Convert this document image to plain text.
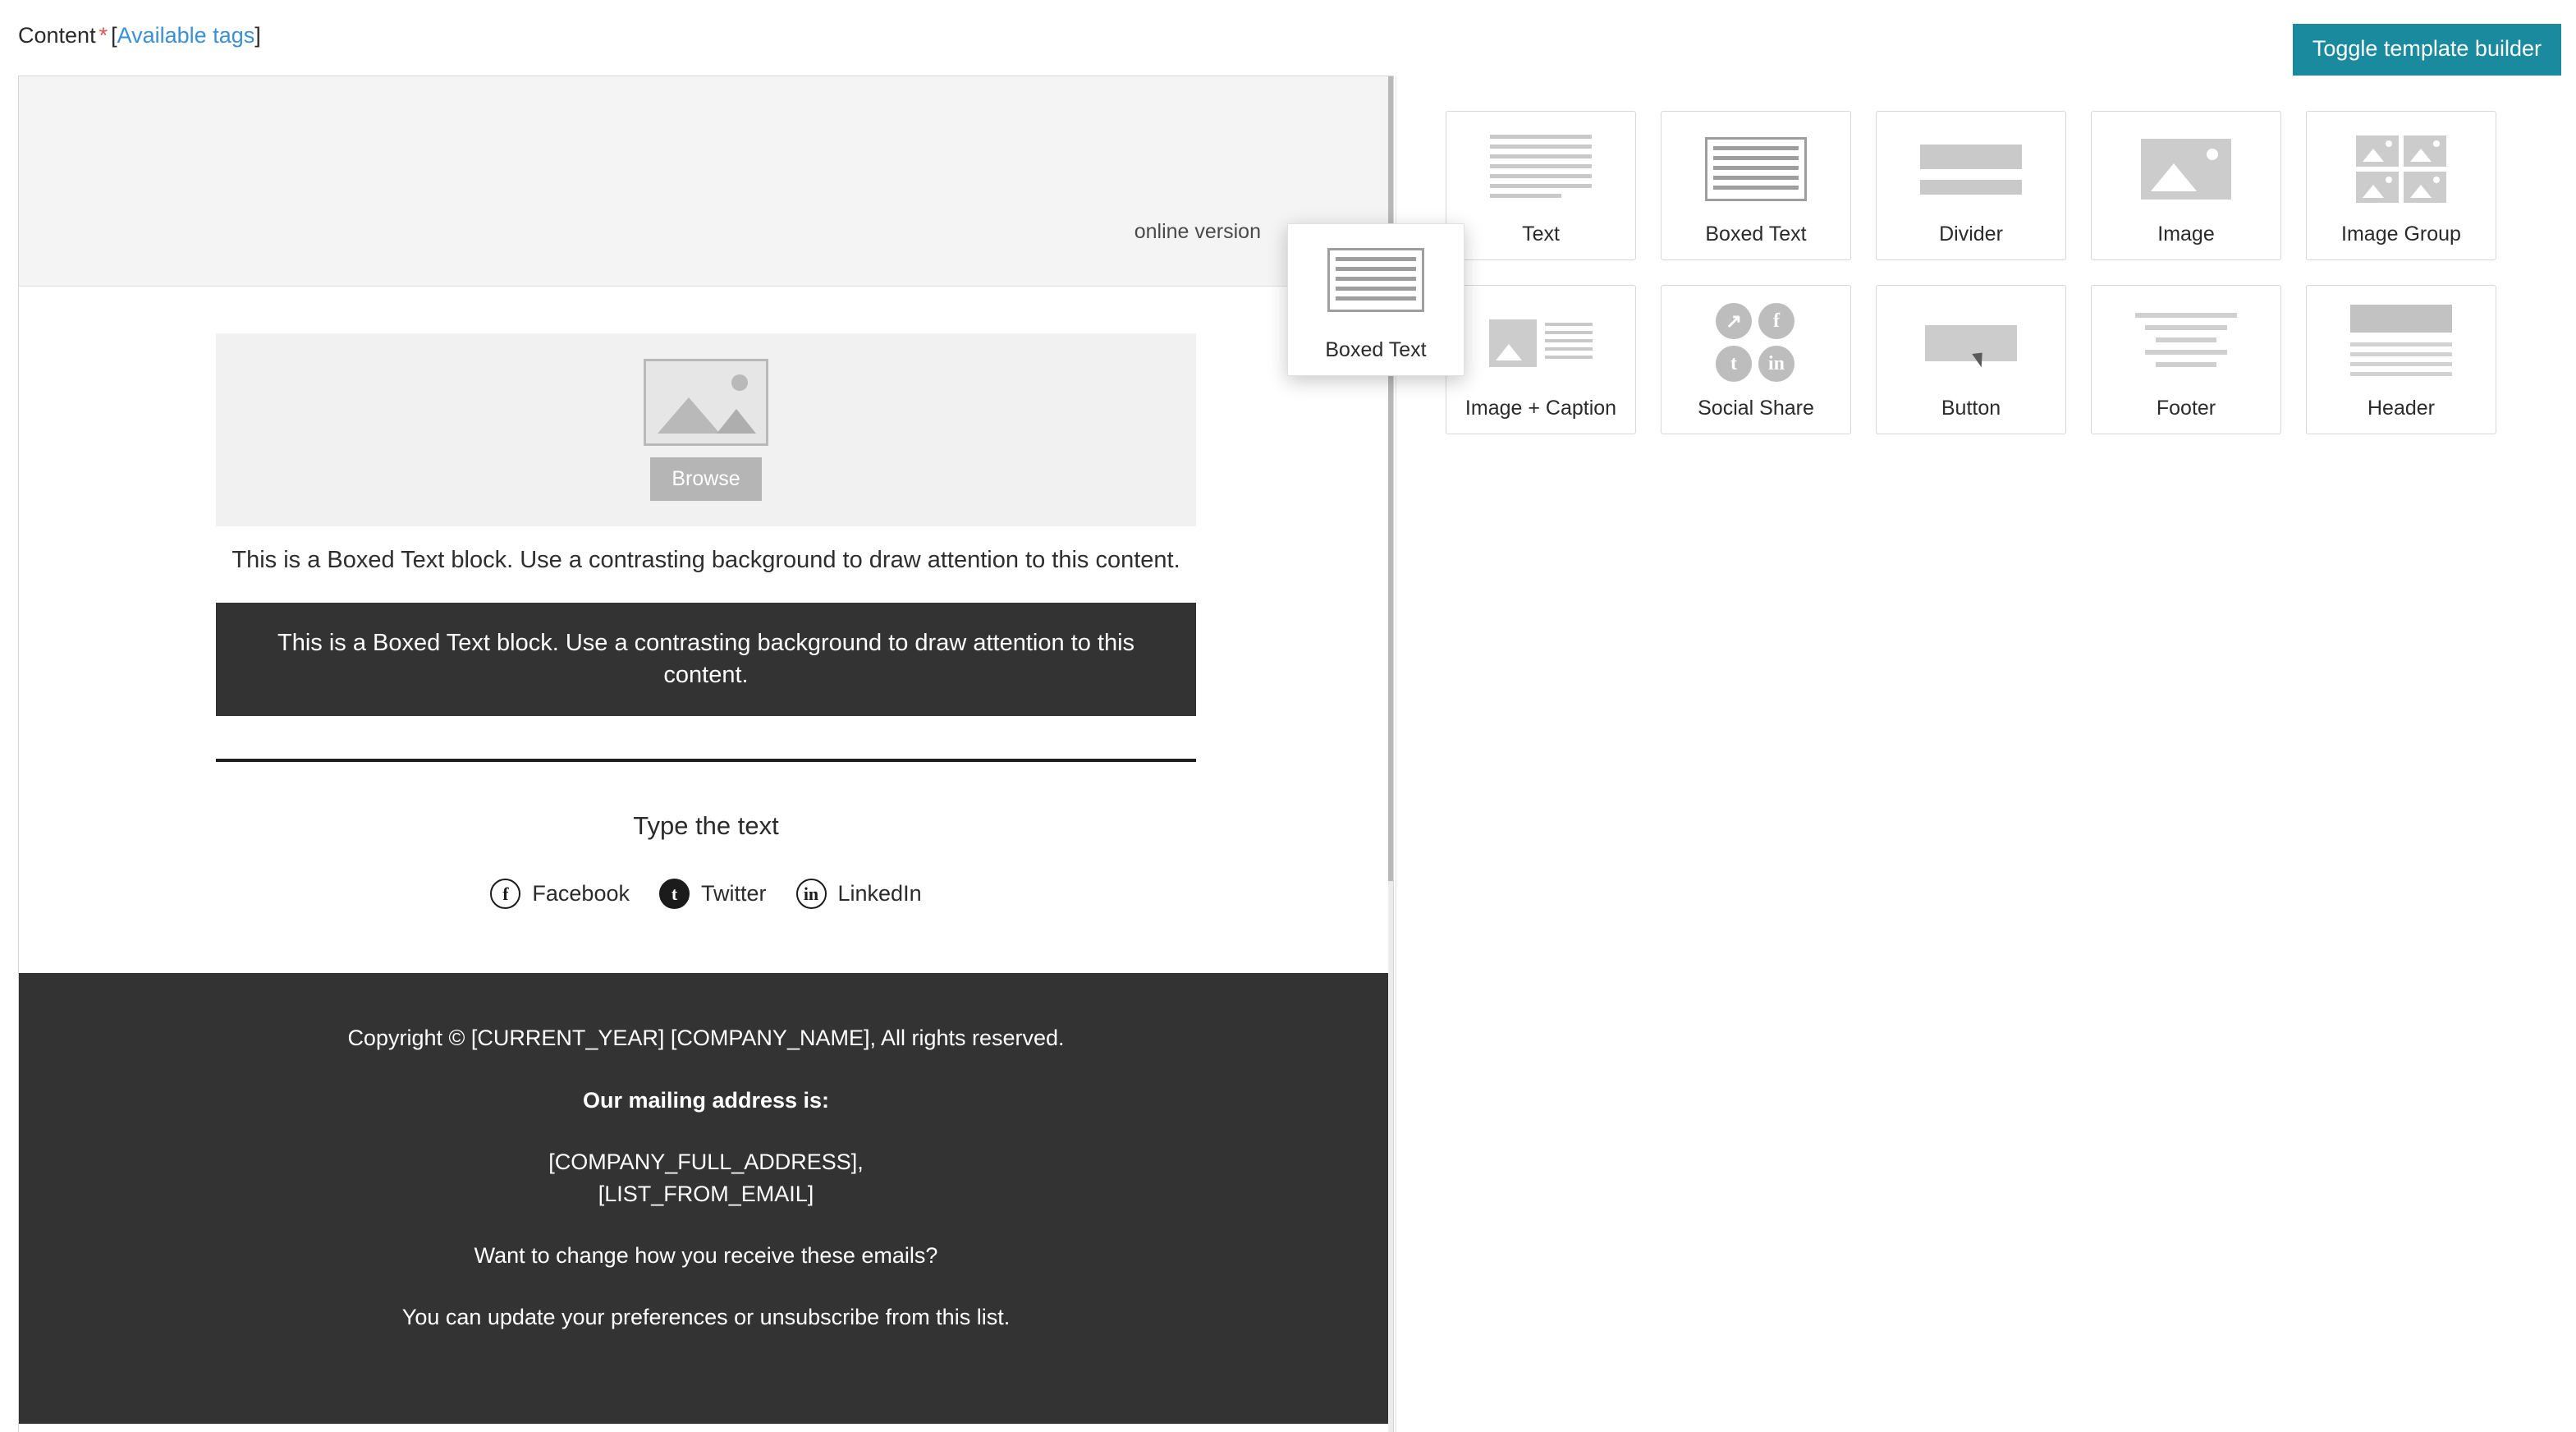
Content * [Available tags]
Toggle template builder
online version
Browse
This is a Boxed Text block. Use a contrasting background to draw attention to this content.
This is a Boxed Text block. Use a contrasting background to draw attention to this content.
Type the text
f	Facebook	t	Twitter	in LinkedIn
Copyright © [CURRENT_YEAR] [COMPANY_NAME], All rights reserved.
Our mailing address is:
[COMPANY_FULL_ADDRESS],
[LIST_FROM_EMAIL]
Want to change how you receive these emails?
You can update your preferences or unsubscribe from this list.
Text	Boxed Text	Divider	Image	Image Group
Image + Caption
↗	f
t	in
Social Share	Button	Footer	Header
Boxed Text
